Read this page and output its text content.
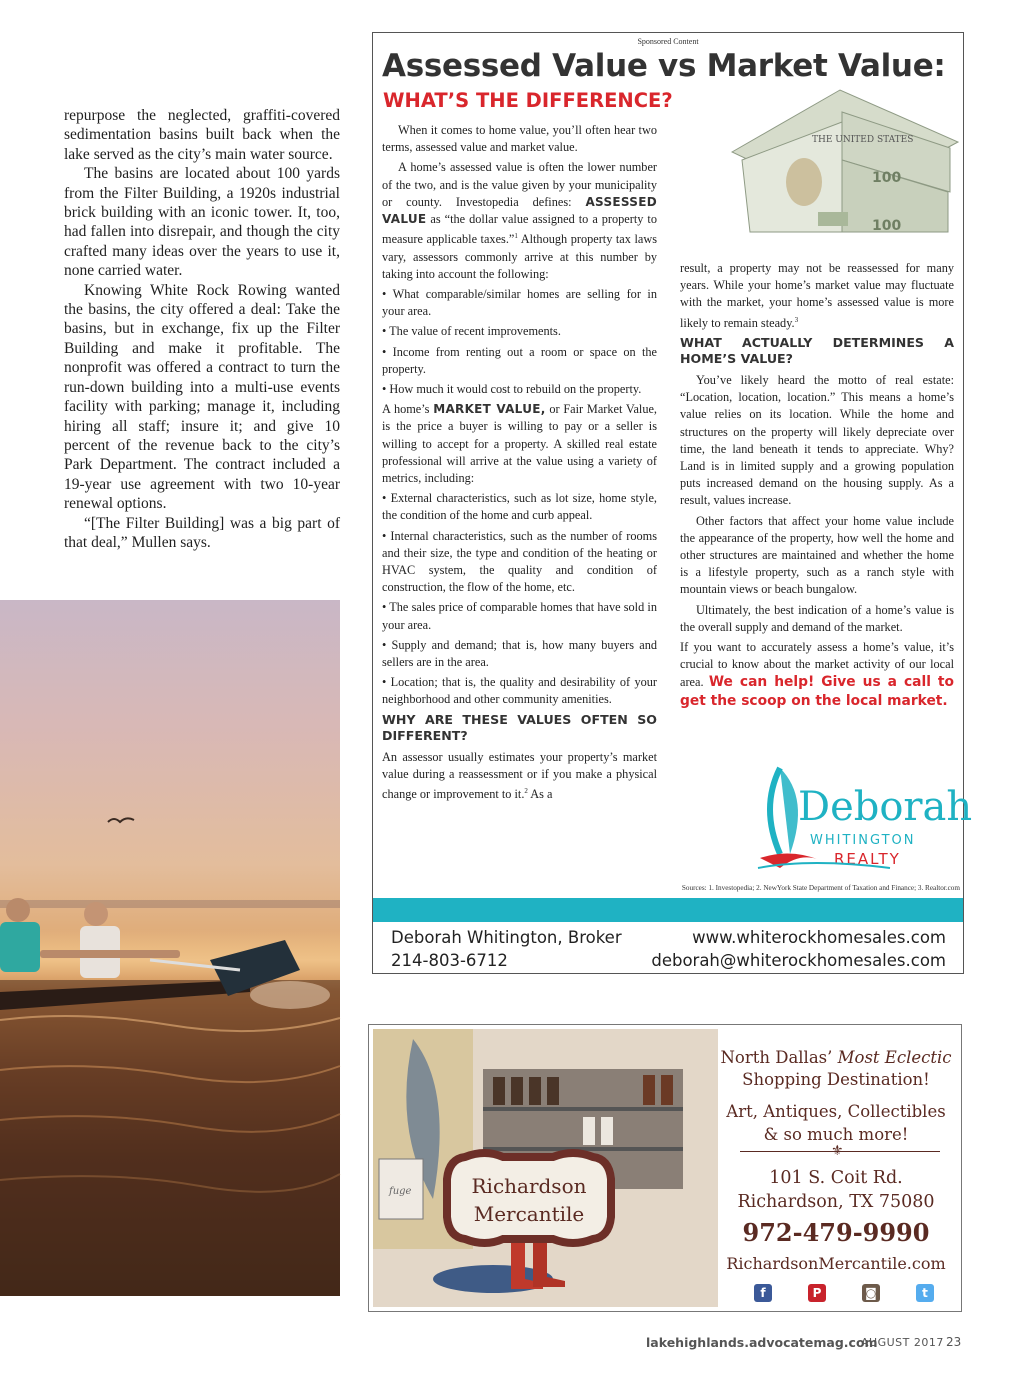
repurpose the neglected, graffiti-covered sedimentation basins built back when the lake served as the city’s main water source.

The basins are located about 100 yards from the Filter Building, a 1920s industrial brick building with an iconic tower. It, too, had fallen into disrepair, and though the city crafted many ideas over the years to use it, none carried water.

Knowing White Rock Rowing wanted the basins, the city offered a deal: Take the basins, but in exchange, fix up the Filter Building and make it profitable. The nonprofit was offered a contract to turn the run-down building into a multi-use events facility with parking; manage it, including hiring all staff; insure it; and give 10 percent of the revenue back to the city’s Park Department. The contract included a 19-year use agreement with two 10-year renewal options.

“[The Filter Building] was a big part of that deal,” Mullen says.

Sponsored Content
Assessed Value vs Market Value:
WHAT’S THE DIFFERENCE?
THE UNITED STATES
100
100

When it comes to home value, you’ll often hear two terms, assessed value and market value.

A home’s assessed value is often the lower number of the two, and is the value given by your municipality or county. Investopedia defines: ASSESSED VALUE as “the dollar value assigned to a property to measure applicable taxes.”$^1$ Although property tax laws vary, assessors commonly arrive at this number by taking into account the following:

• What comparable/similar homes are selling for in your area.

• The value of recent improvements.

• Income from renting out a room or space on the property.

• How much it would cost to rebuild on the property.

A home’s MARKET VALUE, or Fair Market Value, is the price a buyer is willing to pay or a seller is willing to accept for a property. A skilled real estate professional will arrive at the value using a variety of metrics, including:

• External characteristics, such as lot size, home style, the condition of the home and curb appeal.

• Internal characteristics, such as the number of rooms and their size, the type and condition of the heating or HVAC system, the quality and condition of construction, the flow of the home, etc.

• The sales price of comparable homes that have sold in your area.

• Supply and demand; that is, how many buyers and sellers are in the area.

• Location; that is, the quality and desirability of your neighborhood and other community amenities.

WHY ARE THESE VALUES OFTEN SO DIFFERENT?

An assessor usually estimates your property’s market value during a reassessment or if you make a physical change or improvement to it.$^2$ As a

result, a property may not be reassessed for many years. While your home’s market value may fluctuate with the market, your home’s assessed value is more likely to remain steady.$^3$

WHAT ACTUALLY DETERMINES A HOME’S VALUE?

You’ve likely heard the motto of real estate: “Location, location, location.” This means a home’s value relies on its location. While the home and structures on the property will likely depreciate over time, the land beneath it tends to appreciate. Why? Land is in limited supply and a growing population puts increased demand on the housing supply. As a result, values increase.

Other factors that affect your home value include the appearance of the property, how well the home and other structures are maintained and whether the home is a lifestyle property, such as a ranch style with mountain views or beach bungalow.

Ultimately, the best indication of a home’s value is the overall supply and demand of the market.

If you want to accurately assess a home’s value, it’s crucial to know about the market activity of our local area. We can help! Give us a call to get the scoop on the local market.

Deborah
WHITINGTON
REALTY
Sources: 1. Investopedia; 2. NewYork State Department of Taxation and Finance; 3. Realtor.com
Deborah Whitington, Broker
214-803-6712
www.whiterockhomesales.com
deborah@whiterockhomesales.com
fuge	Richardson
Mercantile
North Dallas’ Most Eclectic
Shopping Destination!
Art, Antiques, Collectibles
& so much more!
⚜
101 S. Coit Rd.
Richardson, TX 75080
972-479-9990
RichardsonMercantile.com
f	P	◙	t
lakehighlands.advocatemag.com
AUGUST 2017 23
